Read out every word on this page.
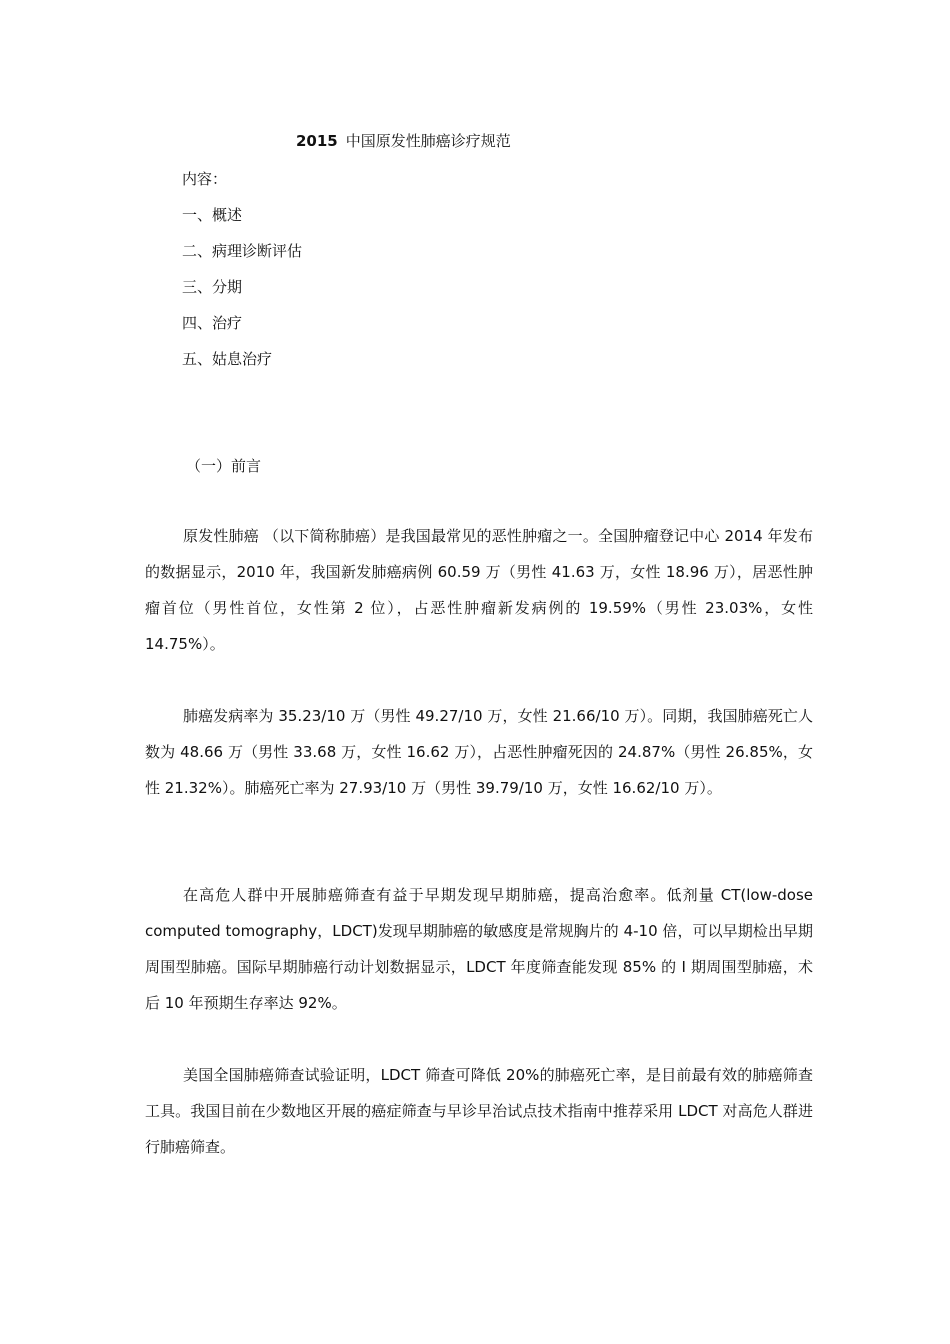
2015 中国原发性肺癌诊疗规范
内容：
一、概述
二、病理诊断评估
三、分期
四、治疗
五、姑息治疗
（一）前言

原发性肺癌 （以下简称肺癌）是我国最常见的恶性肿瘤之一。全国肿瘤登记中心 2014 年发布的数据显示，2010 年，我国新发肺癌病例 60.59 万（男性 41.63 万，女性 18.96 万），居恶性肿瘤首位（男性首位，女性第 2 位），占恶性肿瘤新发病例的 19.59%（男性 23.03%，女性 14.75%）。

肺癌发病率为 35.23/10 万（男性 49.27/10 万，女性 21.66/10 万）。同期，我国肺癌死亡人数为 48.66 万（男性 33.68 万，女性 16.62 万），占恶性肿瘤死因的 24.87%（男性 26.85%，女性 21.32%）。肺癌死亡率为 27.93/10 万（男性 39.79/10 万，女性 16.62/10 万）。

在高危人群中开展肺癌筛查有益于早期发现早期肺癌，提高治愈率。低剂量 CT(low-dose computed tomography，LDCT)发现早期肺癌的敏感度是常规胸片的 4-10 倍，可以早期检出早期周围型肺癌。国际早期肺癌行动计划数据显示，LDCT 年度筛查能发现 85% 的 I 期周围型肺癌，术后 10 年预期生存率达 92%。

美国全国肺癌筛查试验证明，LDCT 筛查可降低 20%的肺癌死亡率，是目前最有效的肺癌筛查工具。我国目前在少数地区开展的癌症筛查与早诊早治试点技术指南中推荐采用 LDCT 对高危人群进行肺癌筛查。
